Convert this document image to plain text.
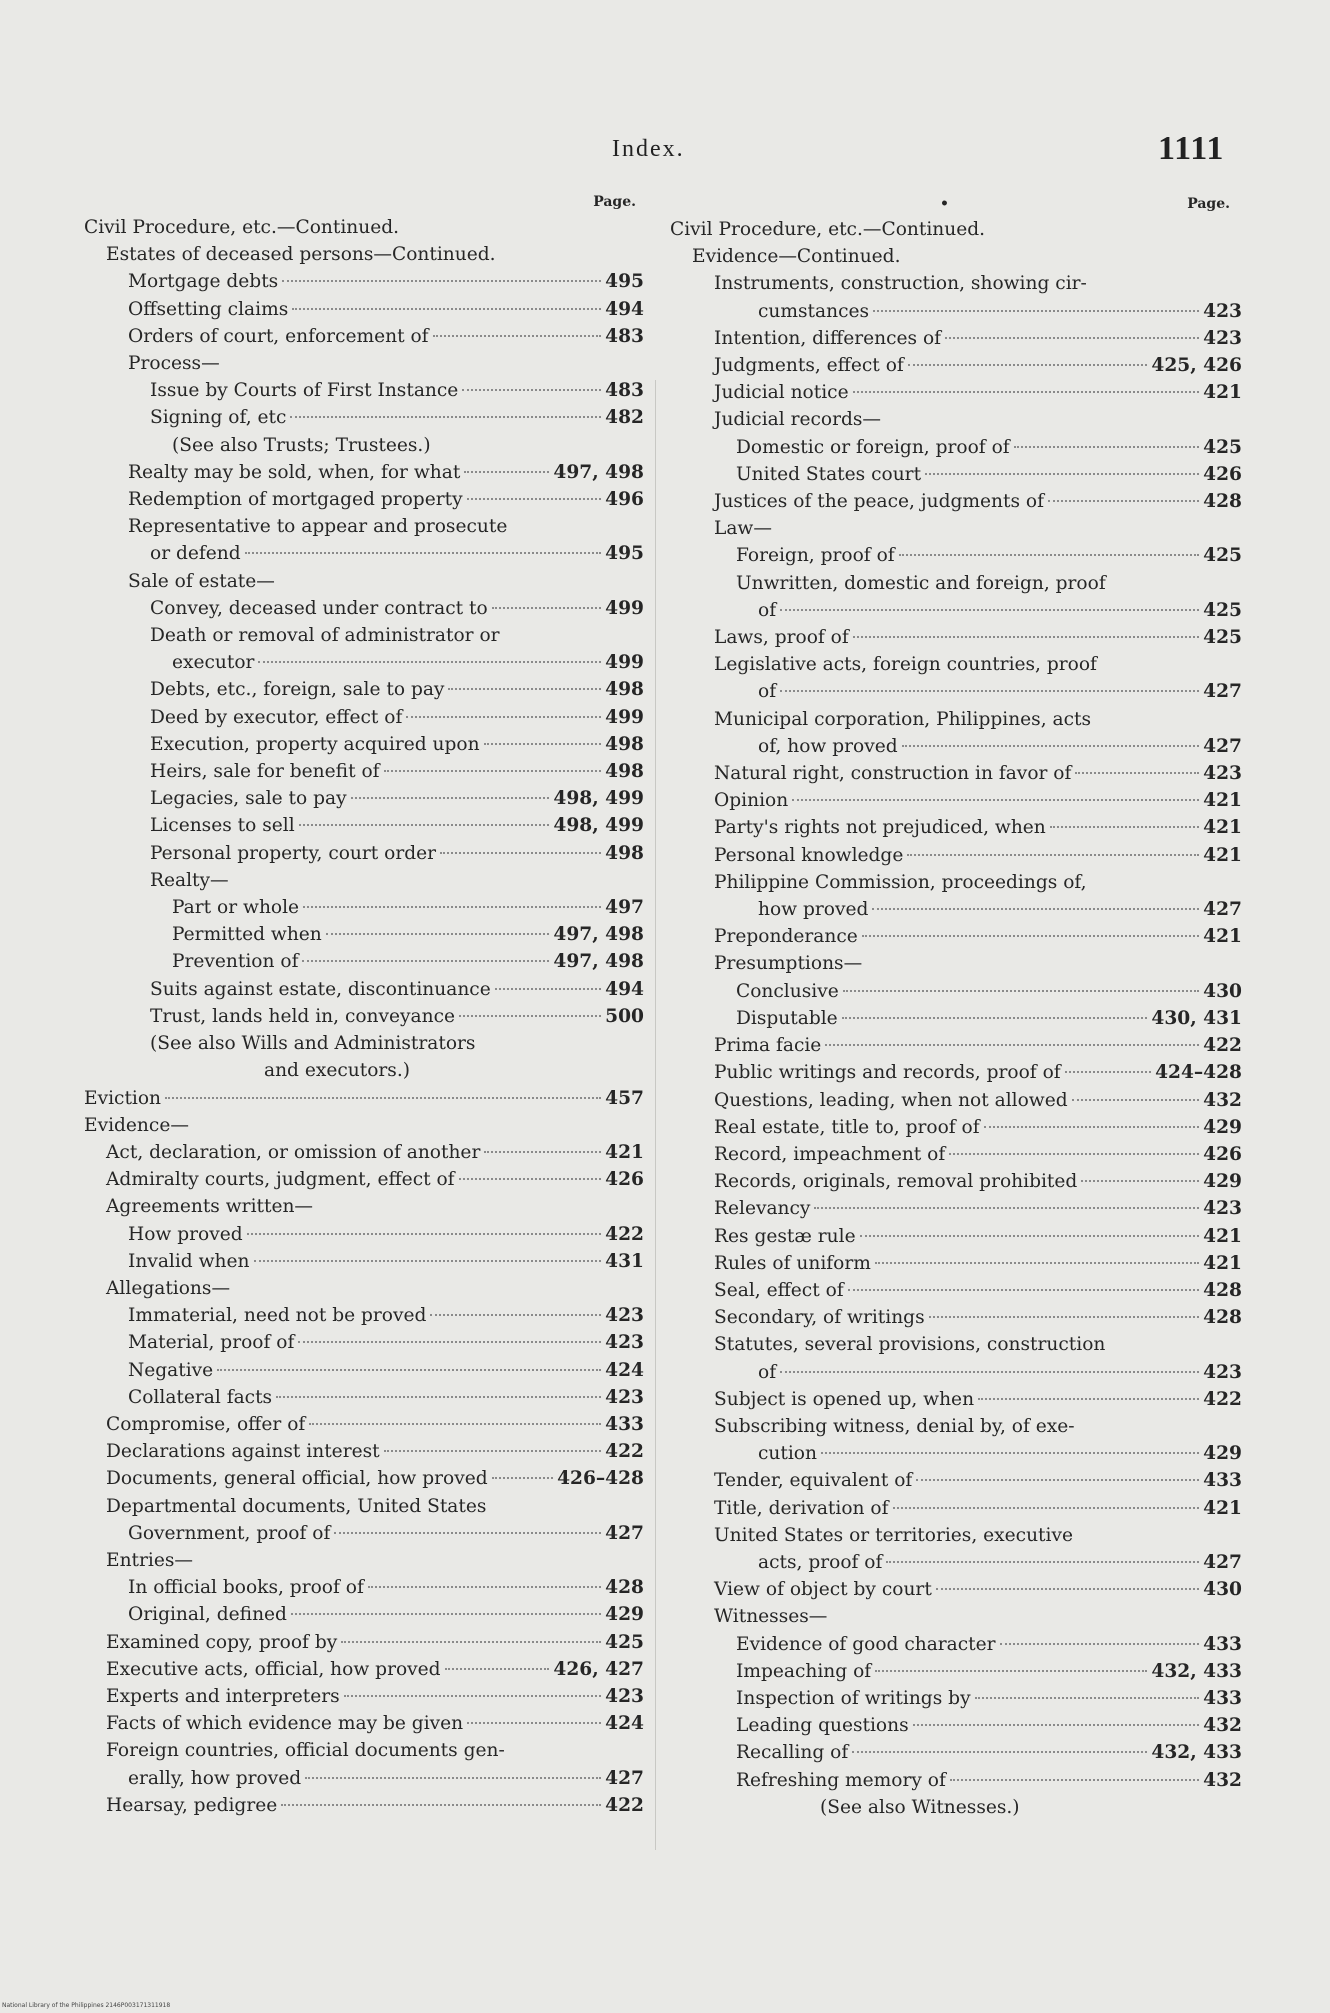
Index.	1111
Page.
Civil Procedure, etc.—Continued.
Estates of deceased persons—Continued.
Mortgage debts	495
Offsetting claims	494
Orders of court, enforcement of	483
Process—
Issue by Courts of First Instance	483
Signing of, etc	482
(See also Trusts; Trustees.)
Realty may be sold, when, for what	497, 498
Redemption of mortgaged property	496
Representative to appear and prosecute
or defend	495
Sale of estate—
Convey, deceased under contract to	499
Death or removal of administrator or
executor	499
Debts, etc., foreign, sale to pay	498
Deed by executor, effect of	499
Execution, property acquired upon	498
Heirs, sale for benefit of	498
Legacies, sale to pay	498, 499
Licenses to sell	498, 499
Personal property, court order	498
Realty—
Part or whole	497
Permitted when	497, 498
Prevention of	497, 498
Suits against estate, discontinuance	494
Trust, lands held in, conveyance	500
(See also Wills and Administrators
and executors.)
Eviction	457
Evidence—
Act, declaration, or omission of another	421
Admiralty courts, judgment, effect of	426
Agreements written—
How proved	422
Invalid when	431
Allegations—
Immaterial, need not be proved	423
Material, proof of	423
Negative	424
Collateral facts	423
Compromise, offer of	433
Declarations against interest	422
Documents, general official, how proved	426–428
Departmental documents, United States
Government, proof of	427
Entries—
In official books, proof of	428
Original, defined	429
Examined copy, proof by	425
Executive acts, official, how proved	426, 427
Experts and interpreters	423
Facts of which evidence may be given	424
Foreign countries, official documents gen-
erally, how proved	427
Hearsay, pedigree	422
•	Page.
Civil Procedure, etc.—Continued.
Evidence—Continued.
Instruments, construction, showing cir-
cumstances	423
Intention, differences of	423
Judgments, effect of	425, 426
Judicial notice	421
Judicial records—
Domestic or foreign, proof of	425
United States court	426
Justices of the peace, judgments of	428
Law—
Foreign, proof of	425
Unwritten, domestic and foreign, proof
of	425
Laws, proof of	425
Legislative acts, foreign countries, proof
of	427
Municipal corporation, Philippines, acts
of, how proved	427
Natural right, construction in favor of	423
Opinion	421
Party's rights not prejudiced, when	421
Personal knowledge	421
Philippine Commission, proceedings of,
how proved	427
Preponderance	421
Presumptions—
Conclusive	430
Disputable	430, 431
Prima facie	422
Public writings and records, proof of	424–428
Questions, leading, when not allowed	432
Real estate, title to, proof of	429
Record, impeachment of	426
Records, originals, removal prohibited	429
Relevancy	423
Res gestæ rule	421
Rules of uniform	421
Seal, effect of	428
Secondary, of writings	428
Statutes, several provisions, construction
of	423
Subject is opened up, when	422
Subscribing witness, denial by, of exe-
cution	429
Tender, equivalent of	433
Title, derivation of	421
United States or territories, executive
acts, proof of	427
View of object by court	430
Witnesses—
Evidence of good character	433
Impeaching of	432, 433
Inspection of writings by	433
Leading questions	432
Recalling of	432, 433
Refreshing memory of	432
(See also Witnesses.)
National Library of the Philippines 2146P003171311918
